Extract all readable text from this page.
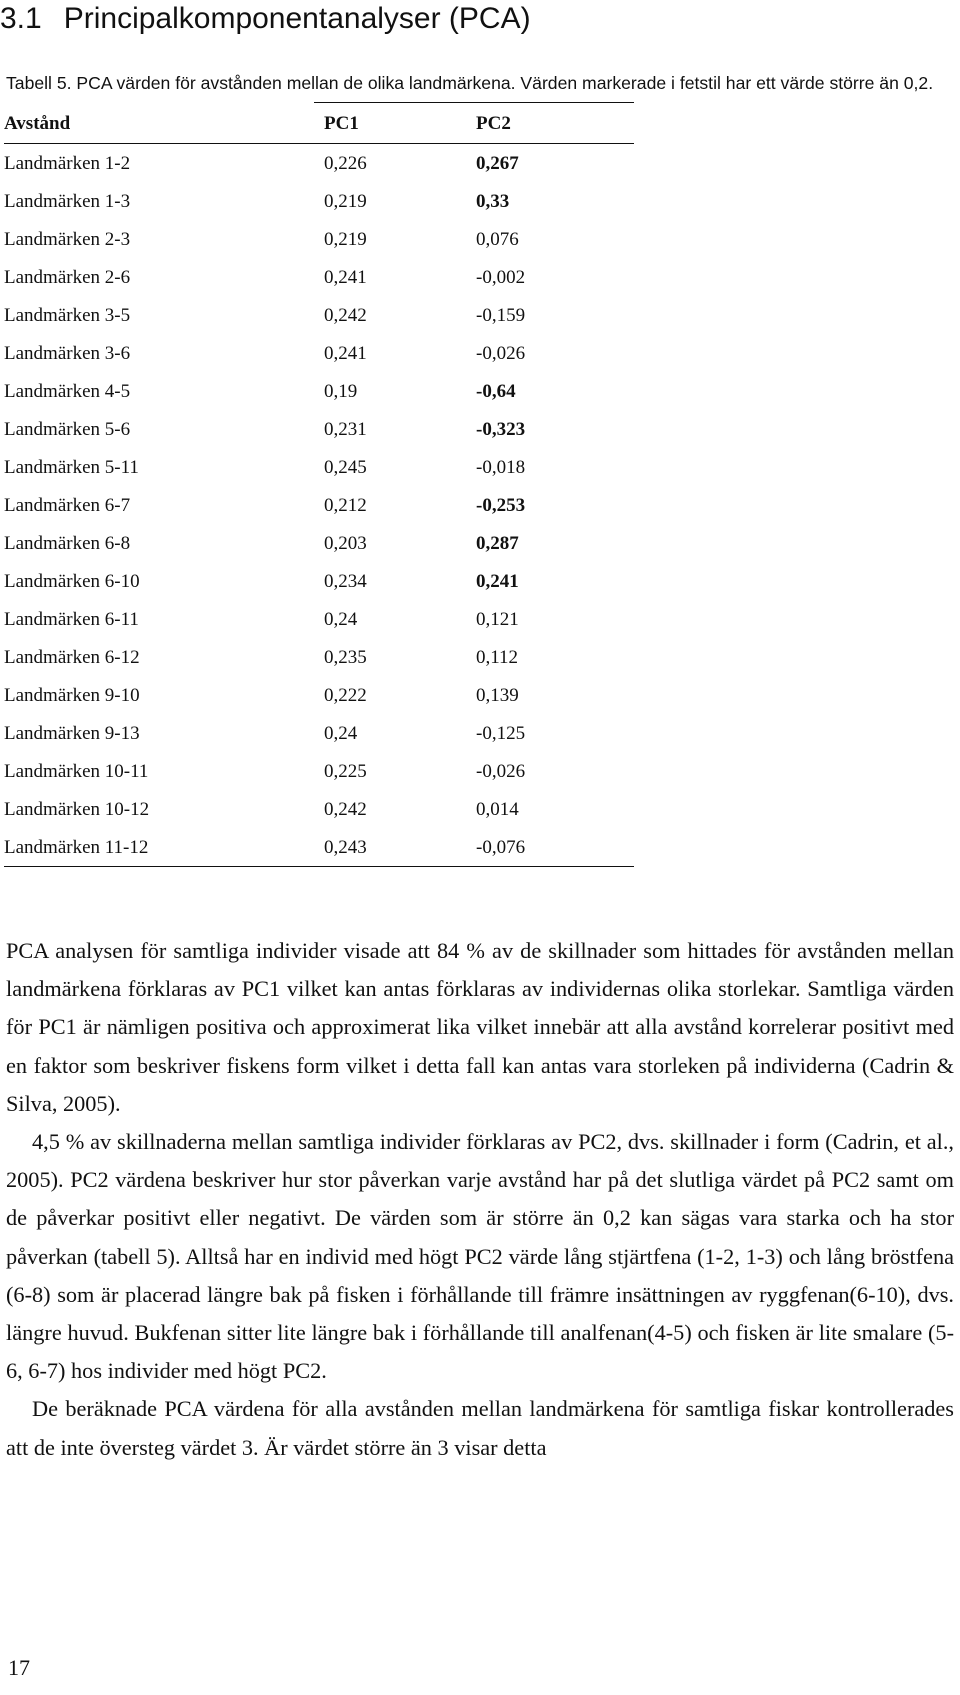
3.1 Principalkomponentanalyser (PCA)
Tabell 5. PCA värden för avstånden mellan de olika landmärkena. Värden markerade i fetstil har ett värde större än 0,2.
Avstånd	PC1	PC2
Landmärken 1-2	0,226	0,267
Landmärken 1-3	0,219	0,33
Landmärken 2-3	0,219	0,076
Landmärken 2-6	0,241	-0,002
Landmärken 3-5	0,242	-0,159
Landmärken 3-6	0,241	-0,026
Landmärken 4-5	0,19	-0,64
Landmärken 5-6	0,231	-0,323
Landmärken 5-11	0,245	-0,018
Landmärken 6-7	0,212	-0,253
Landmärken 6-8	0,203	0,287
Landmärken 6-10	0,234	0,241
Landmärken 6-11	0,24	0,121
Landmärken 6-12	0,235	0,112
Landmärken 9-10	0,222	0,139
Landmärken 9-13	0,24	-0,125
Landmärken 10-11	0,225	-0,026
Landmärken 10-12	0,242	0,014
Landmärken 11-12	0,243	-0,076

PCA analysen för samtliga individer visade att 84 % av de skillnader som hittades för avstånden mellan landmärkena förklaras av PC1 vilket kan antas förklaras av individernas olika storlekar. Samtliga värden för PC1 är nämligen positiva och approximerat lika vilket innebär att alla avstånd korrelerar positivt med en faktor som beskriver fiskens form vilket i detta fall kan antas vara storleken på individerna (Cadrin & Silva, 2005).

4,5 % av skillnaderna mellan samtliga individer förklaras av PC2, dvs. skillnader i form (Cadrin, et al., 2005). PC2 värdena beskriver hur stor påverkan varje avstånd har på det slutliga värdet på PC2 samt om de påverkar positivt eller negativt. De värden som är större än 0,2 kan sägas vara starka och ha stor påverkan (tabell 5). Alltså har en individ med högt PC2 värde lång stjärtfena (1-2, 1-3) och lång bröstfena (6-8) som är placerad längre bak på fisken i förhållande till främre insättningen av ryggfenan(6-10), dvs. längre huvud. Bukfenan sitter lite längre bak i förhållande till analfenan(4-5) och fisken är lite smalare (5-6, 6-7) hos individer med högt PC2.

De beräknade PCA värdena för alla avstånden mellan landmärkena för samtliga fiskar kontrollerades att de inte översteg värdet 3. Är värdet större än 3 visar detta

17
